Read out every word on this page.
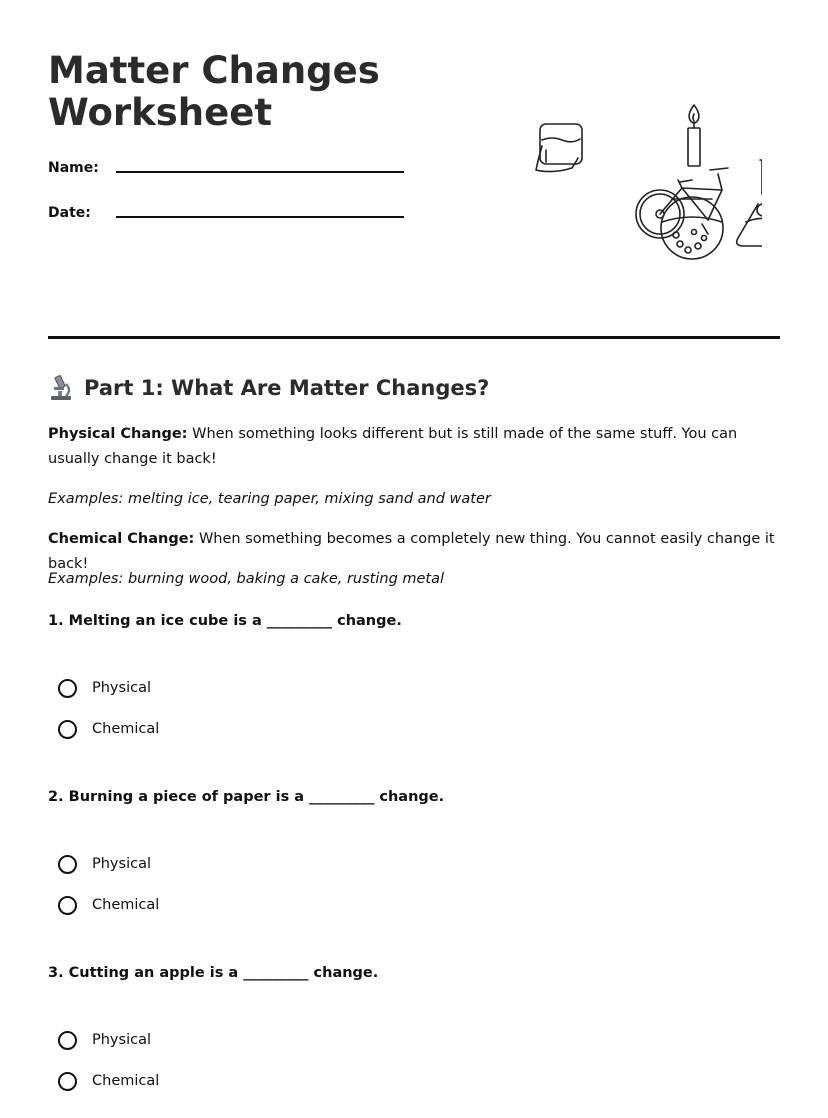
Matter Changes
Worksheet
Name:
Date:
Part 1: What Are Matter Changes?

Physical Change: When something looks different but is still made of the same stuff. You can usually change it back!

Examples: melting ice, tearing paper, mixing sand and water

Chemical Change: When something becomes a completely new thing. You cannot easily change it back!

Examples: burning wood, baking a cake, rusting metal

1. Melting an ice cube is a _________ change.

Physical
Chemical

2. Burning a piece of paper is a _________ change.

Physical
Chemical

3. Cutting an apple is a _________ change.

Physical
Chemical
